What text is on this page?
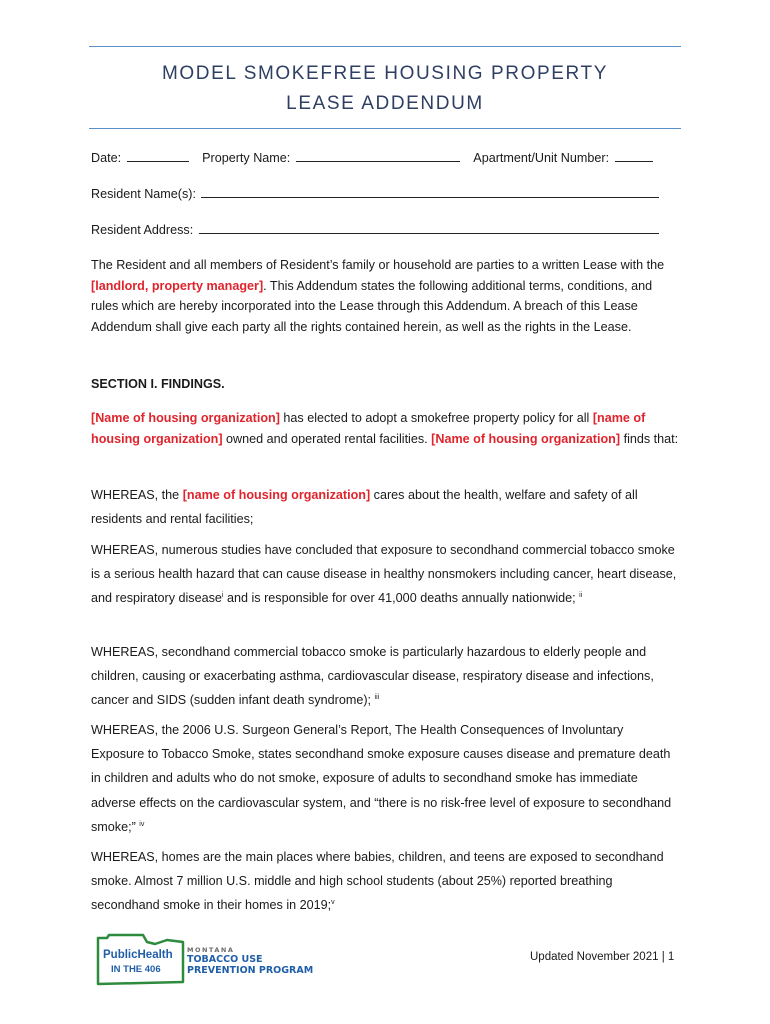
MODEL SMOKEFREE HOUSING PROPERTY
LEASE ADDENDUM
Date:	Property Name:	Apartment/Unit Number:
Resident Name(s):
Resident Address:
The Resident and all members of Resident’s family or household are parties to a written Lease with the [landlord, property manager]. This Addendum states the following additional terms, conditions, and rules which are hereby incorporated into the Lease through this Addendum. A breach of this Lease Addendum shall give each party all the rights contained herein, as well as the rights in the Lease.
SECTION I. FINDINGS.
[Name of housing organization] has elected to adopt a smokefree property policy for all [name of housing organization] owned and operated rental facilities. [Name of housing organization] finds that:
WHEREAS, the [name of housing organization] cares about the health, welfare and safety of all residents and rental facilities;
WHEREAS, numerous studies have concluded that exposure to secondhand commercial tobacco smoke is a serious health hazard that can cause disease in healthy nonsmokers including cancer, heart disease, and respiratory disease$^i$ and is responsible for over 41,000 deaths annually nationwide; $^{ii}$
WHEREAS, secondhand commercial tobacco smoke is particularly hazardous to elderly people and children, causing or exacerbating asthma, cardiovascular disease, respiratory disease and infections, cancer and SIDS (sudden infant death syndrome); $^{iii}$
WHEREAS, the 2006 U.S. Surgeon General’s Report, The Health Consequences of Involuntary Exposure to Tobacco Smoke, states secondhand smoke exposure causes disease and premature death in children and adults who do not smoke, exposure of adults to secondhand smoke has immediate adverse effects on the cardiovascular system, and “there is no risk-free level of exposure to secondhand smoke;” $^{iv}$
WHEREAS, homes are the main places where babies, children, and teens are exposed to secondhand smoke. Almost 7 million U.S. middle and high school students (about 25%) reported breathing secondhand smoke in their homes in 2019;$^v$
PublicHealth
IN THE 406
MONTANA
TOBACCO USE
PREVENTION PROGRAM
Updated November 2021 | 1
